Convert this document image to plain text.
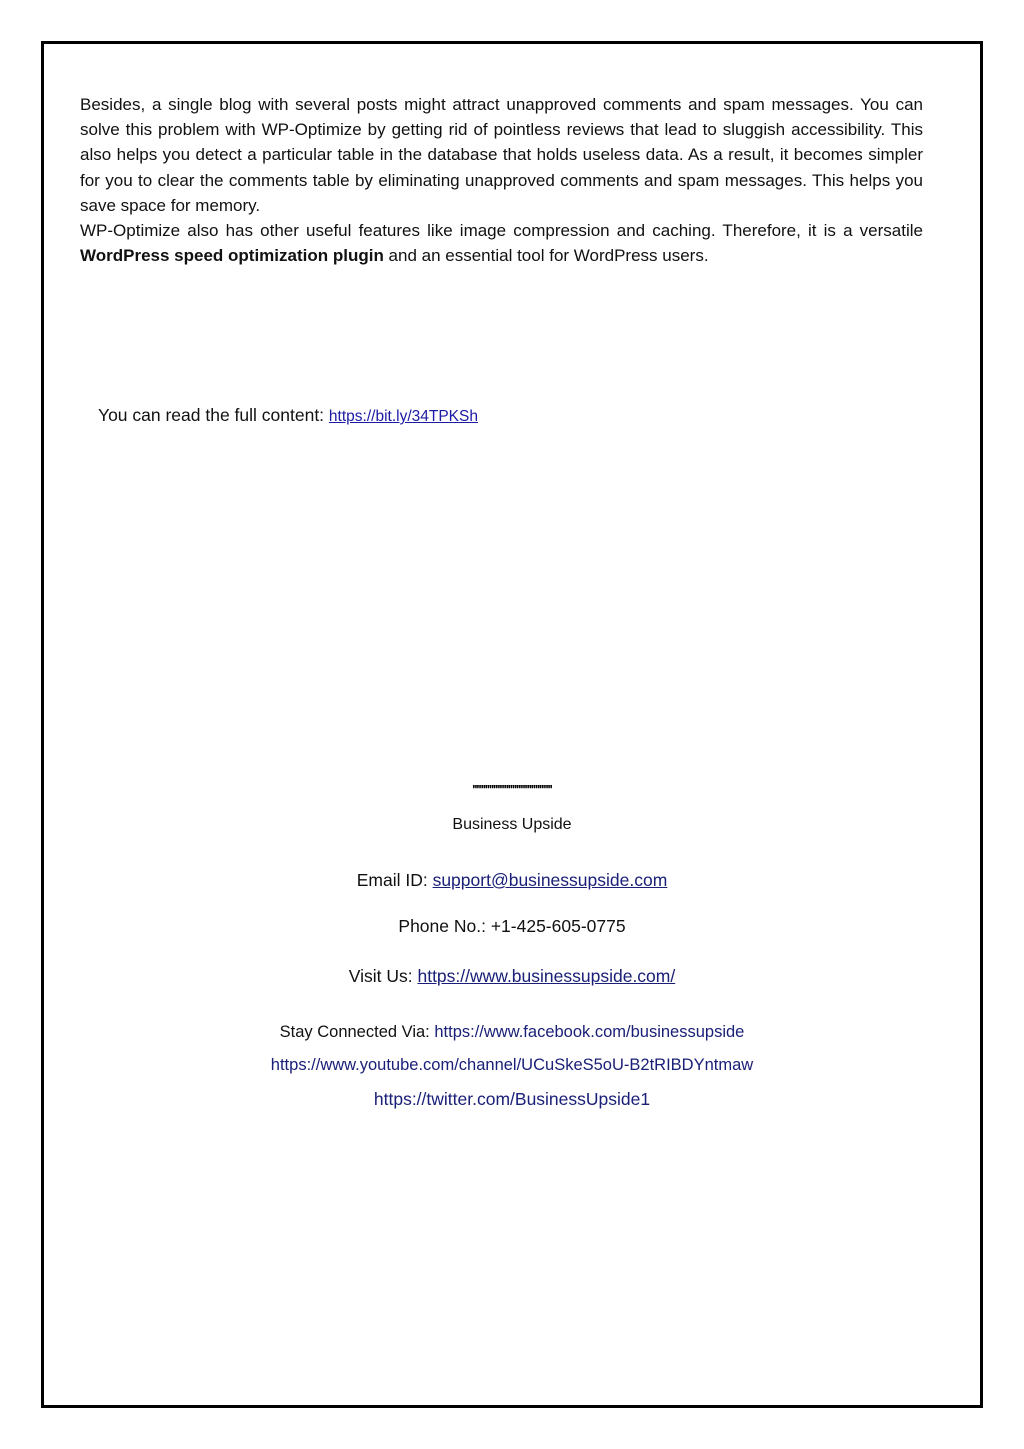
Besides, a single blog with several posts might attract unapproved comments and spam messages. You can solve this problem with WP-Optimize by getting rid of pointless reviews that lead to sluggish accessibility. This also helps you detect a particular table in the database that holds useless data. As a result, it becomes simpler for you to clear the comments table by eliminating unapproved comments and spam messages. This helps you save space for memory.

WP-Optimize also has other useful features like image compression and caching. Therefore, it is a versatile WordPress speed optimization plugin and an essential tool for WordPress users.

You can read the full content: https://bit.ly/34TPKSh
''''''''''''''''''''''''''''''''''''''
Business Upside
Email ID: support@businessupside.com
Phone No.: +1-425-605-0775
Visit Us: https://www.businessupside.com/
Stay Connected Via: https://www.facebook.com/businessupside
https://www.youtube.com/channel/UCuSkeS5oU-B2tRIBDYntmaw
https://twitter.com/BusinessUpside1
